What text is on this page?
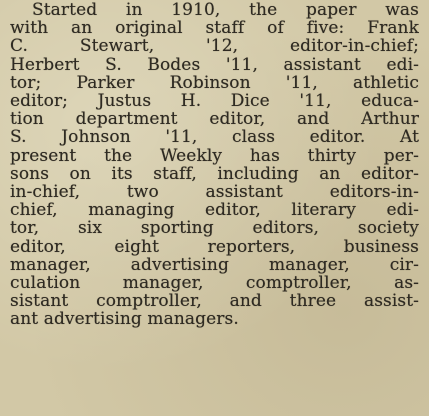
Started in 1910, the paper was
with an original staff of five: Frank
C. Stewart, '12, editor-in-chief;
Herbert S. Bodes '11, assistant edi-
tor; Parker Robinson '11, athletic
editor; Justus H. Dice '11, educa-
tion department editor, and Arthur
S. Johnson '11, class editor. At
present the Weekly has thirty per-
sons on its staff, including an editor-
in-chief, two assistant editors-in-
chief, managing editor, literary edi-
tor, six sporting editors, society
editor, eight reporters, business
manager, advertising manager, cir-
culation manager, comptroller, as-
sistant comptroller, and three assist-
ant advertising managers.
